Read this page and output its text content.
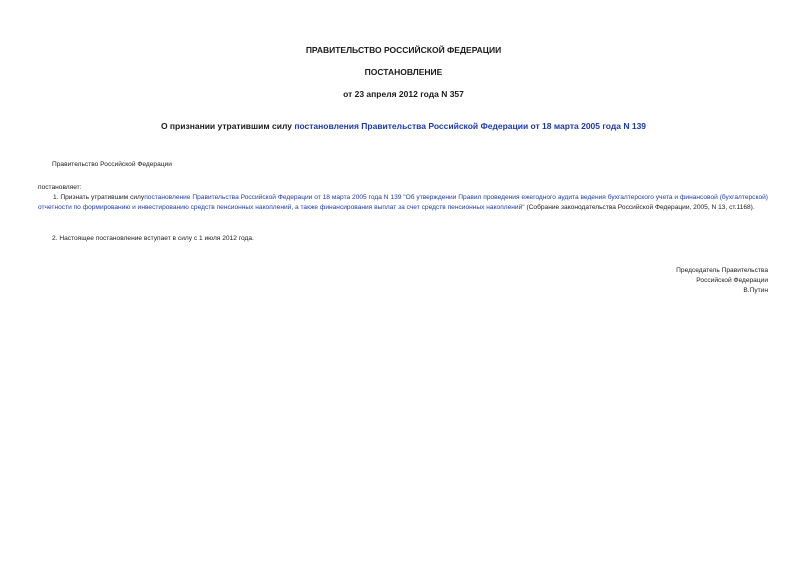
ПРАВИТЕЛЬСТВО РОССИЙСКОЙ ФЕДЕРАЦИИ
ПОСТАНОВЛЕНИЕ
от 23 апреля 2012 года N 357
О признании утратившим силу постановления Правительства Российской Федерации от 18 марта 2005 года N 139
Правительство Российской Федерации
постановляет:
1. Признать утратившим силупостановление Правительства Российской Федерации от 18 марта 2005 года N 139 "Об утверждении Правил проведения ежегодного аудита ведения бухгалтерского учета и финансовой (бухгалтерской) отчетности по формированию и инвестированию средств пенсионных накоплений, а также финансирования выплат за счет средств пенсионных накоплений" (Собрание законодательства Российской Федерации, 2005, N 13, ст.1168).
2. Настоящее постановление вступает в силу с 1 июля 2012 года.
Председатель Правительства
Российской Федерации
В.Путин
